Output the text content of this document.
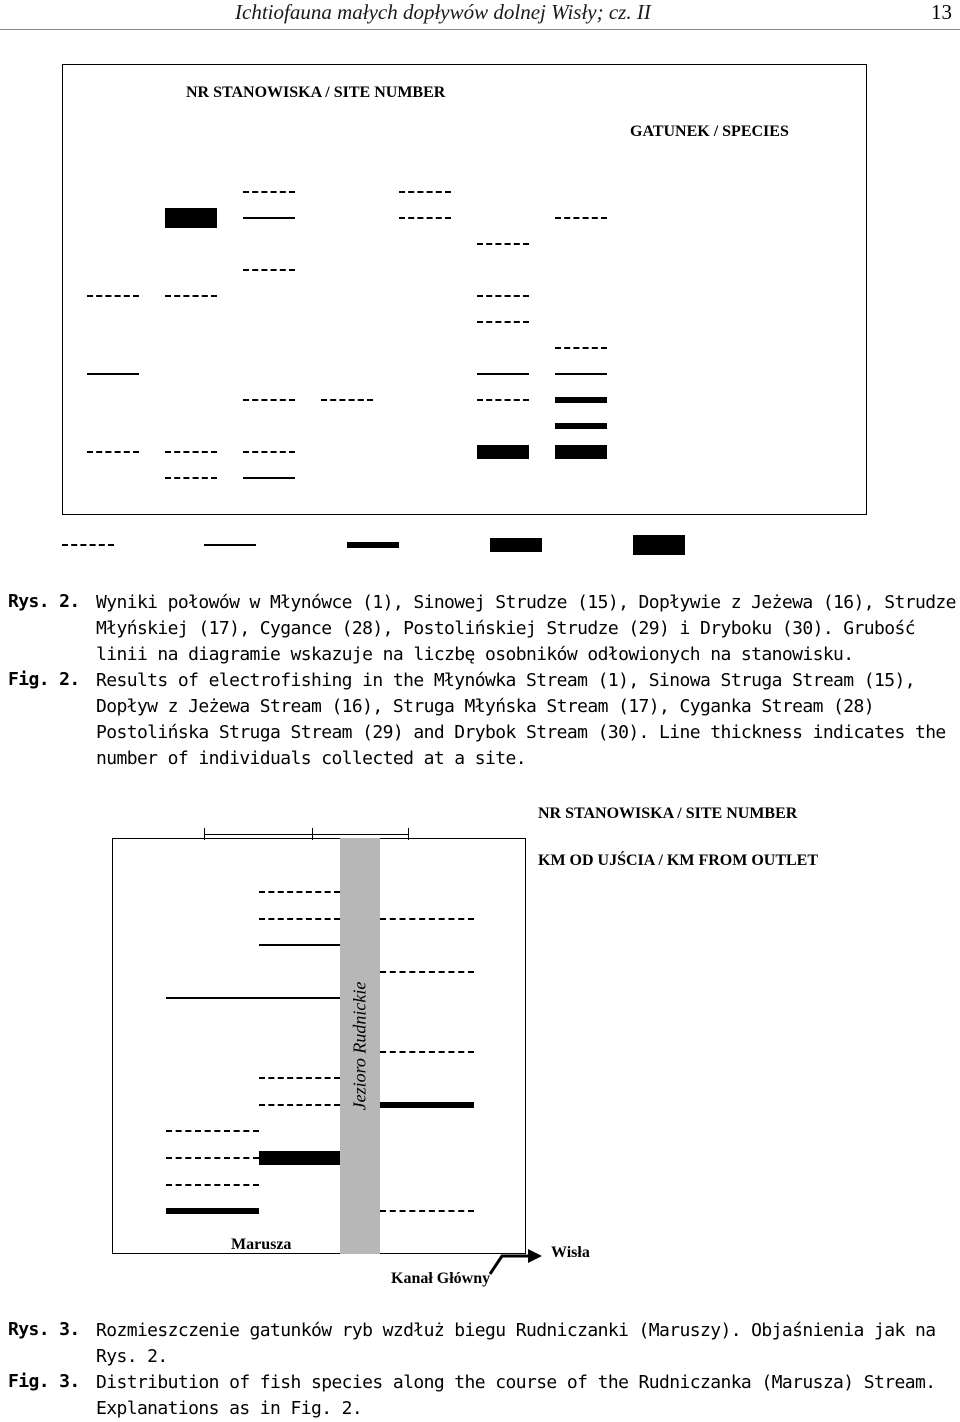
Ichtiofauna małych dopływów dolnej Wisły; cz. II	13
NR STANOWISKA / SITE NUMBER
GATUNEK / SPECIES
Rys. 2. Wyniki połowów w Młynówce (1), Sinowej Strudze (15), Dopływie z Jeżewa (16), Strudze Młyńskiej (17), Cygance (28), Postolińskiej Strudze (29) i Dryboku (30). Grubość linii na diagramie wskazuje na liczbę osobników odłowionych na stanowisku.
Fig. 2. Results of electrofishing in the Młynówka Stream (1), Sinowa Struga Stream (15), Dopływ z Jeżewa Stream (16), Struga Młyńska Stream (17), Cyganka Stream (28) Postolińska Struga Stream (29) and Drybok Stream (30). Line thickness indicates the number of individuals collected at a site.
Jezioro Rudnickie
NR STANOWISKA / SITE NUMBER
KM OD UJŚCIA / KM FROM OUTLET
Marusza
Kanał Główny
Wisła
Rys. 3. Rozmieszczenie gatunków ryb wzdłuż biegu Rudniczanki (Maruszy). Objaśnienia jak na Rys. 2.
Fig. 3. Distribution of fish species along the course of the Rudniczanka (Marusza) Stream. Explanations as in Fig. 2.
